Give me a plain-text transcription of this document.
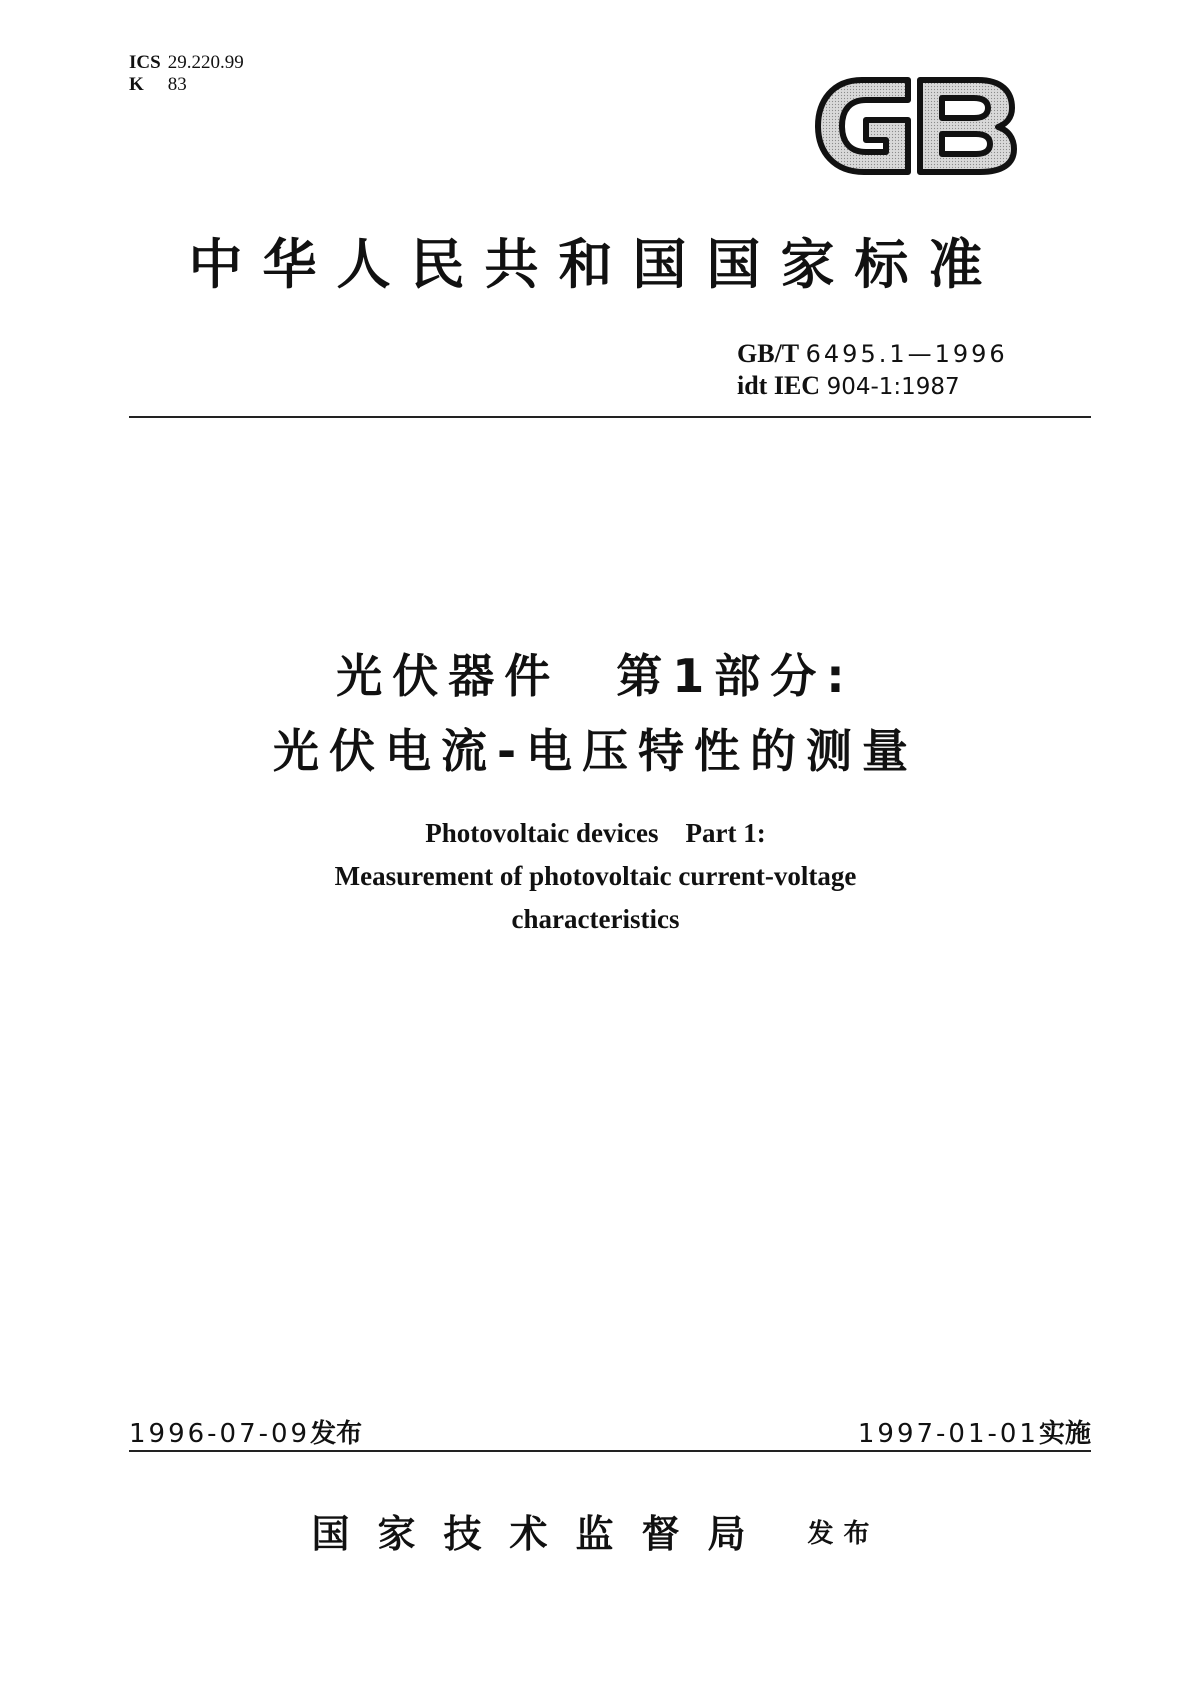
ICS 29.220.99
K 83
中华人民共和国国家标准
GB/T 6495.1—1996
idt IEC 904-1:1987
光伏器件　第1部分:
光伏电流-电压特性的测量
Photovoltaic devices　Part 1:
Measurement of photovoltaic current-voltage
characteristics
1996-07-09发布	1997-01-01实施
国家技术监督局 发布
